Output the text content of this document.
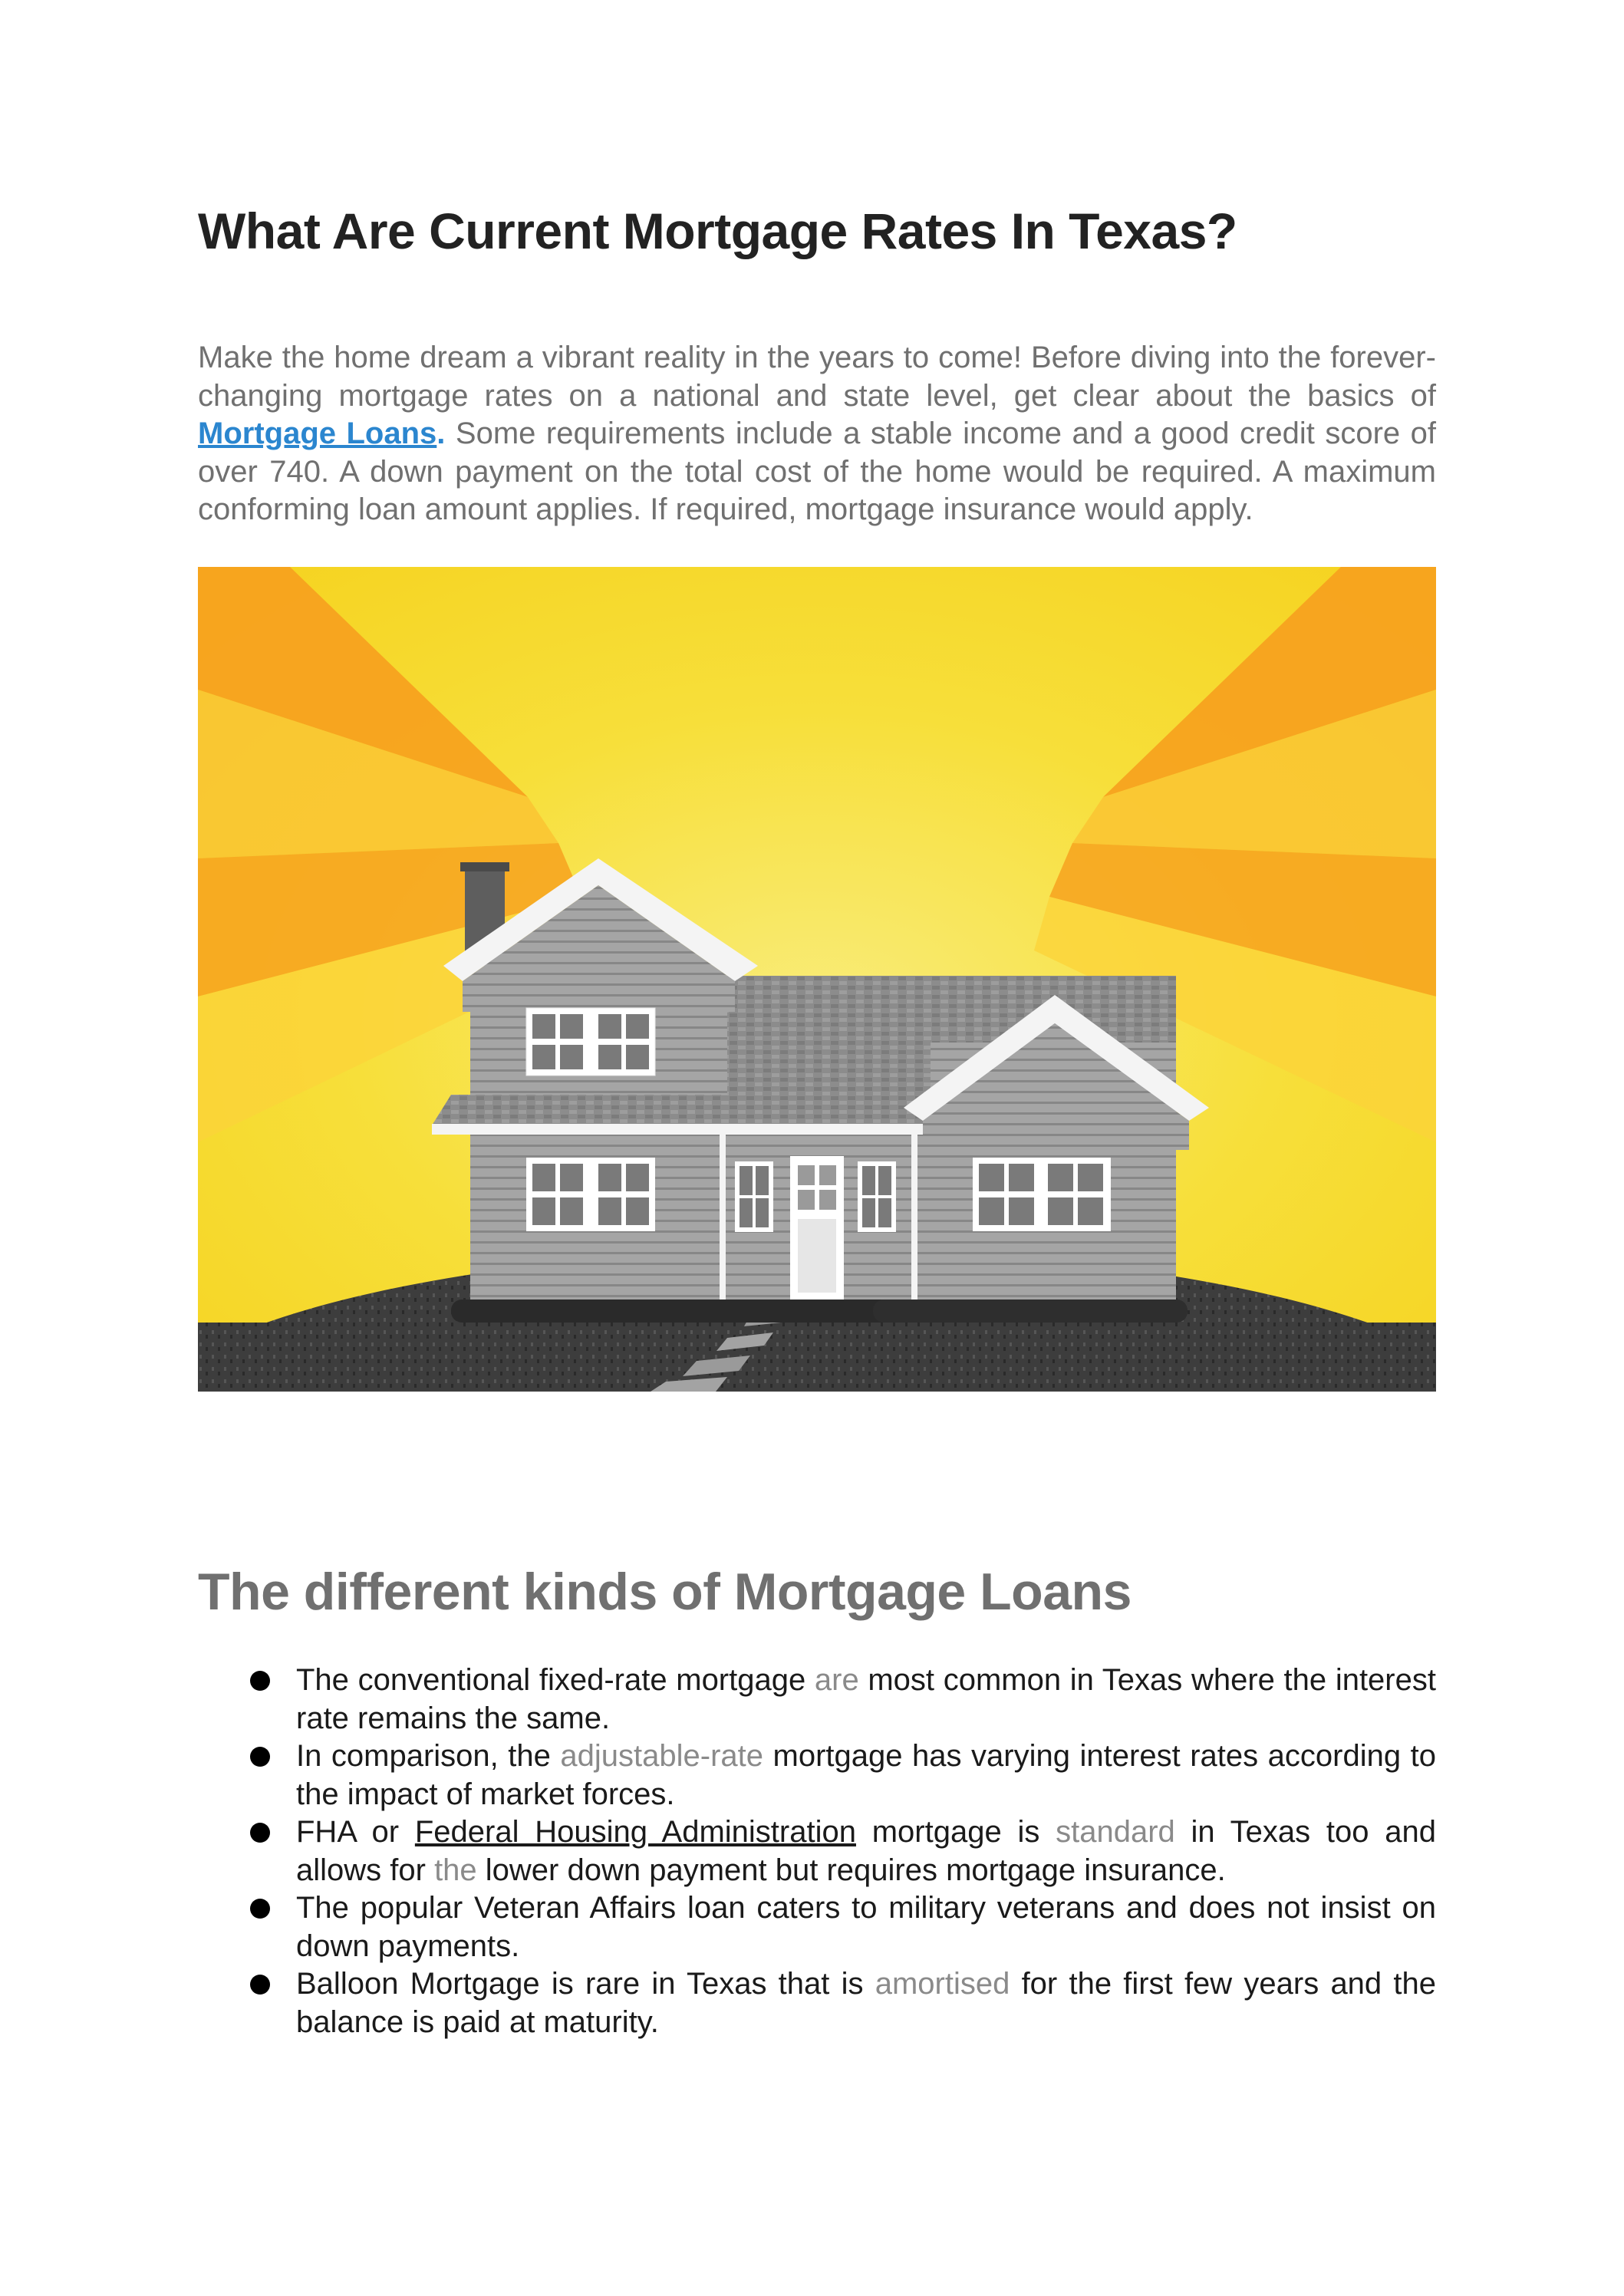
What Are Current Mortgage Rates In Texas?

Make the home dream a vibrant reality in the years to come! Before diving into the forever-changing mortgage rates on a national and state level, get clear about the basics of Mortgage Loans. Some requirements include a stable income and a good credit score of over 740. A down payment on the total cost of the home would be required. A maximum conforming loan amount applies. If required, mortgage insurance would apply.

The different kinds of Mortgage Loans
The conventional fixed-rate mortgage are most common in Texas where the interest rate remains the same.
In comparison, the adjustable-rate mortgage has varying interest rates according to the impact of market forces.
FHA or Federal Housing Administration mortgage is standard in Texas too and allows for the lower down payment but requires mortgage insurance.
The popular Veteran Affairs loan caters to military veterans and does not insist on down payments.
Balloon Mortgage is rare in Texas that is amortised for the first few years and the balance is paid at maturity.
